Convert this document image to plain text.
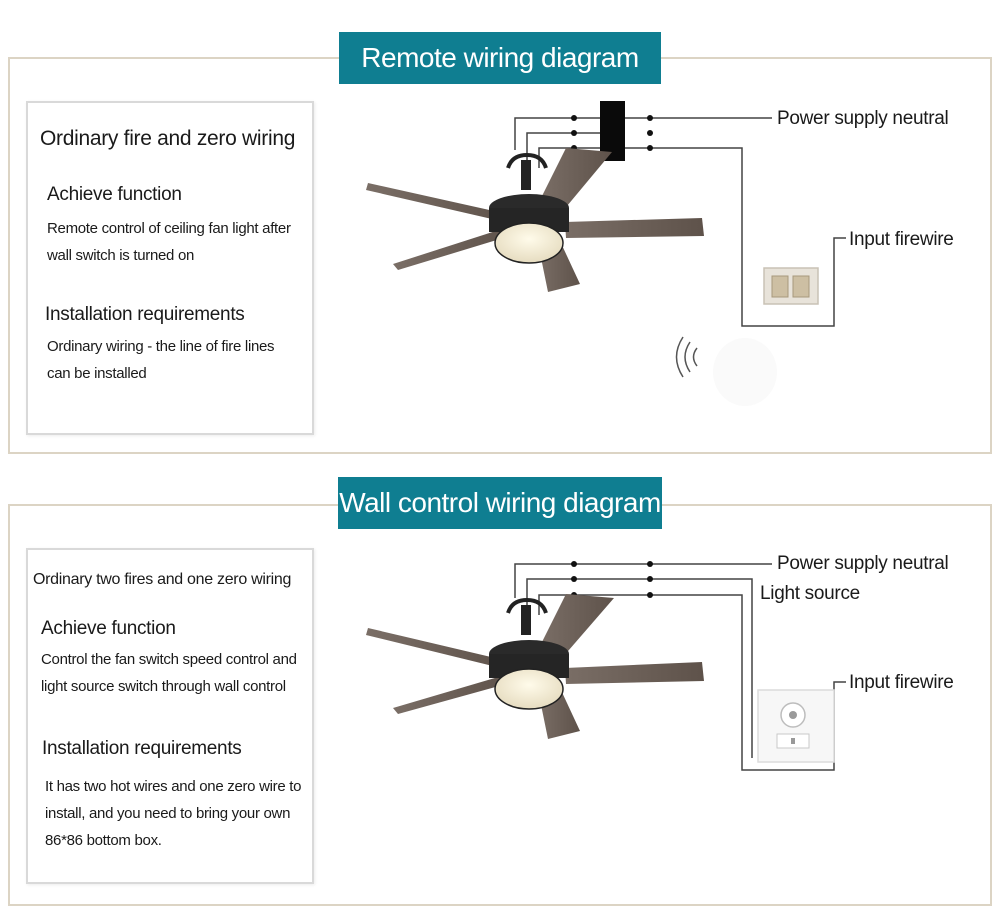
Remote wiring diagram
Wall control wiring diagram
Ordinary fire and zero wiring
Achieve function
Remote control of ceiling fan light after
wall switch is turned on
Installation requirements
Ordinary wiring - the line of fire lines
can be installed
Ordinary two fires and one zero wiring
Achieve function
Control the fan switch speed control and
light source switch through wall control
Installation requirements
It has two hot wires and one zero wire to
install, and you need to bring your own
86*86 bottom box.
Power supply neutral
Input firewire
Power supply neutral
Light source
Input firewire
